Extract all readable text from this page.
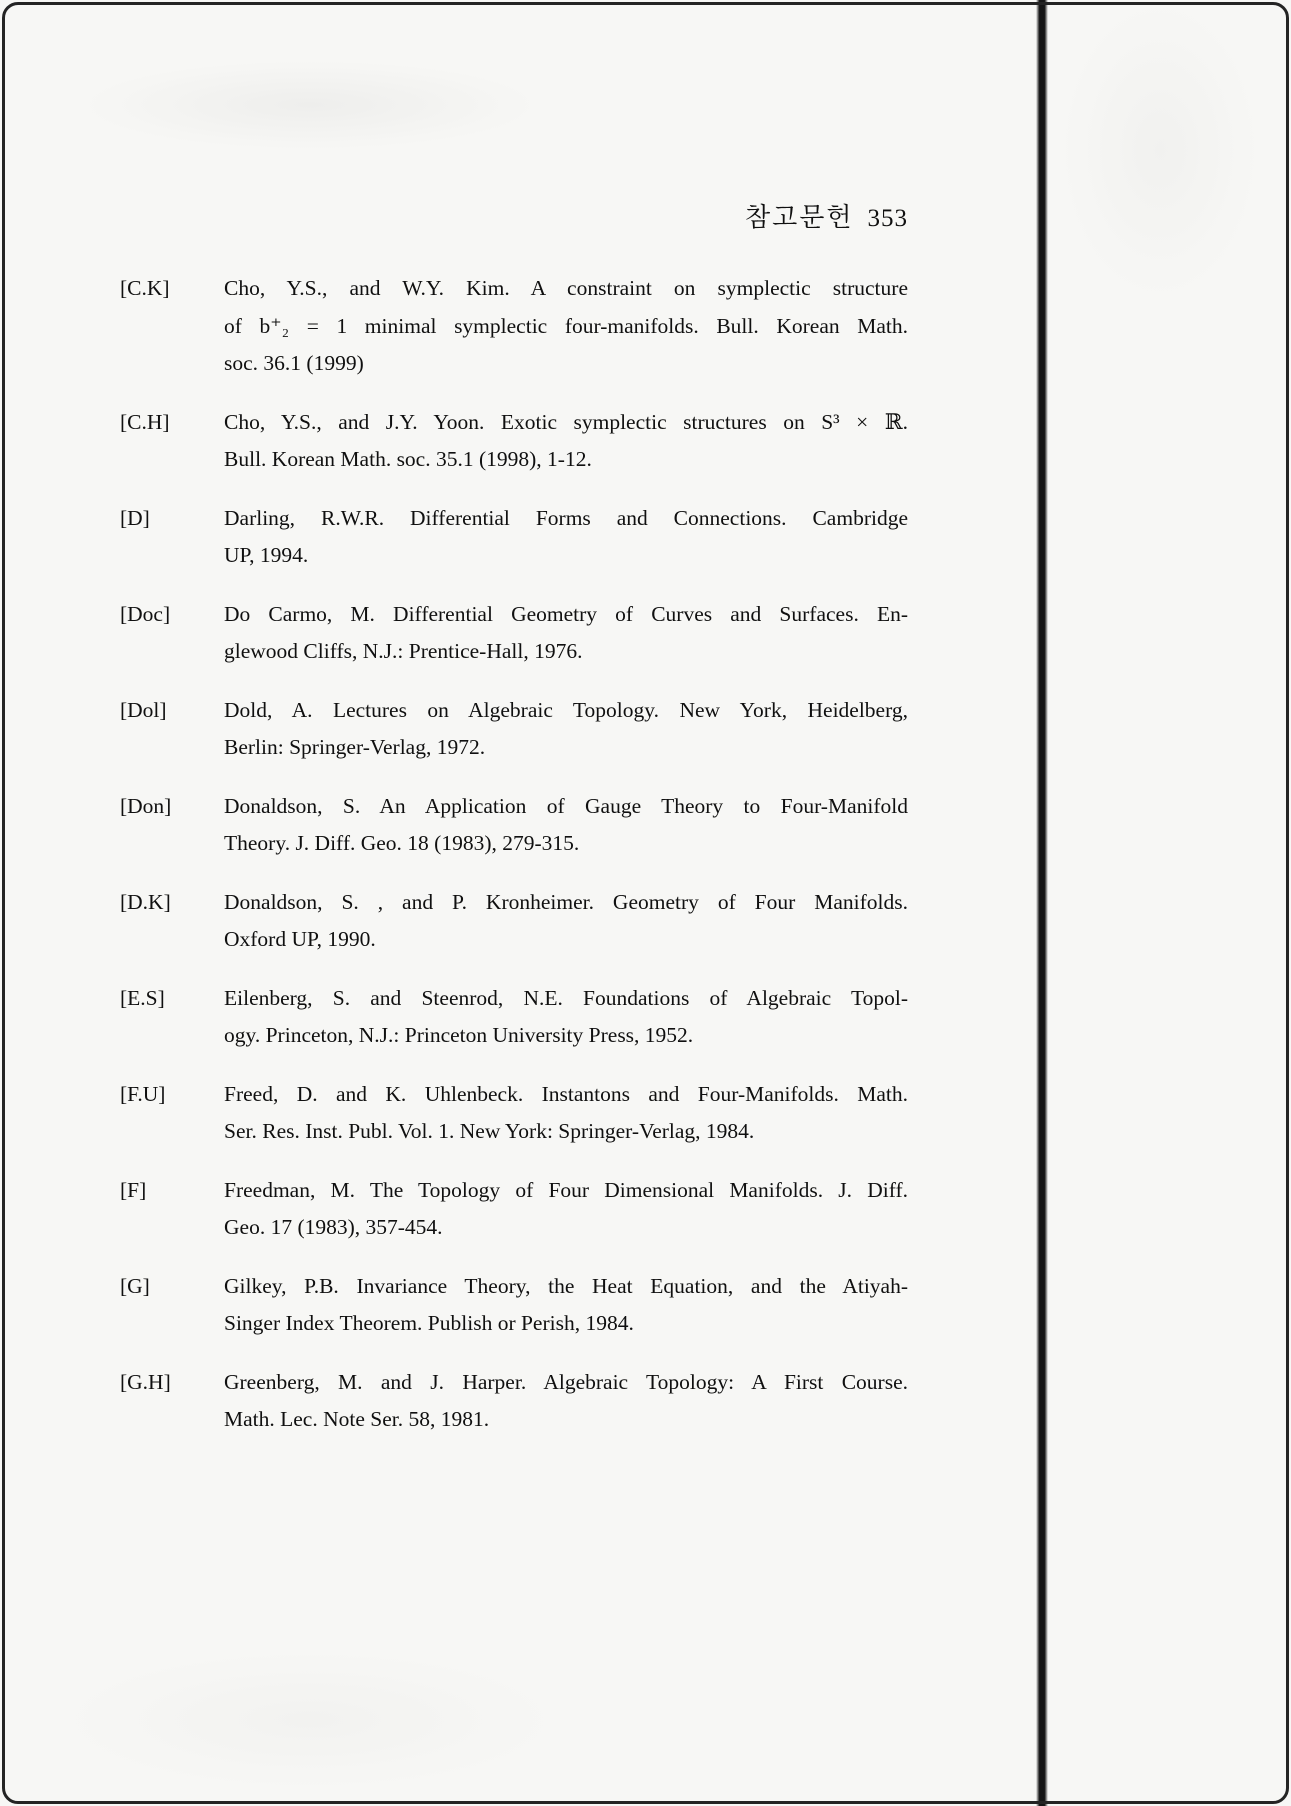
참고문헌 353
[C.K]	Cho, Y.S., and W.Y. Kim. A constraint on symplectic structure
of b⁺₂ = 1 minimal symplectic four-manifolds. Bull. Korean Math.
soc. 36.1 (1999)
[C.H]	Cho, Y.S., and J.Y. Yoon. Exotic symplectic structures on S³ × ℝ.
Bull. Korean Math. soc. 35.1 (1998), 1-12.
[D]	Darling, R.W.R. Differential Forms and Connections. Cambridge
UP, 1994.
[Doc]	Do Carmo, M. Differential Geometry of Curves and Surfaces. En-
glewood Cliffs, N.J.: Prentice-Hall, 1976.
[Dol]	Dold, A. Lectures on Algebraic Topology. New York, Heidelberg,
Berlin: Springer-Verlag, 1972.
[Don]	Donaldson, S. An Application of Gauge Theory to Four-Manifold
Theory. J. Diff. Geo. 18 (1983), 279-315.
[D.K]	Donaldson, S. , and P. Kronheimer. Geometry of Four Manifolds.
Oxford UP, 1990.
[E.S]	Eilenberg, S. and Steenrod, N.E. Foundations of Algebraic Topol-
ogy. Princeton, N.J.: Princeton University Press, 1952.
[F.U]	Freed, D. and K. Uhlenbeck. Instantons and Four-Manifolds. Math.
Ser. Res. Inst. Publ. Vol. 1. New York: Springer-Verlag, 1984.
[F]	Freedman, M. The Topology of Four Dimensional Manifolds. J. Diff.
Geo. 17 (1983), 357-454.
[G]	Gilkey, P.B. Invariance Theory, the Heat Equation, and the Atiyah-
Singer Index Theorem. Publish or Perish, 1984.
[G.H]	Greenberg, M. and J. Harper. Algebraic Topology: A First Course.
Math. Lec. Note Ser. 58, 1981.
